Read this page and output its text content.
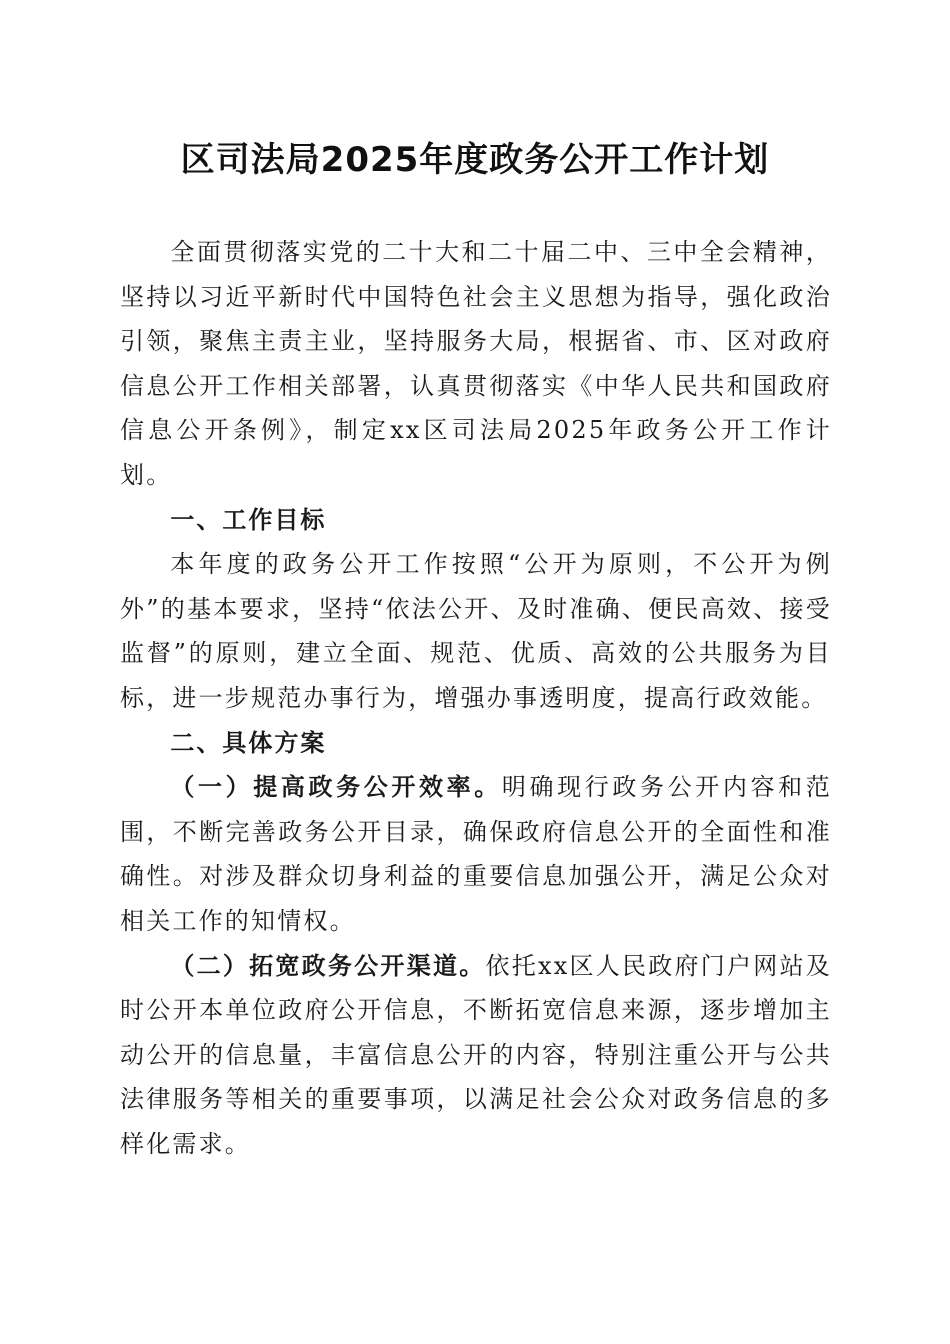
区司法局2025年度政务公开工作计划

全面贯彻落实党的二十大和二十届二中、三中全会精神，坚持以习近平新时代中国特色社会主义思想为指导，强化政治引领，聚焦主责主业，坚持服务大局，根据省、市、区对政府信息公开工作相关部署，认真贯彻落实《中华人民共和国政府信息公开条例》，制定xx区司法局2025年政务公开工作计划。

一、工作目标

本年度的政务公开工作按照“公开为原则，不公开为例外”的基本要求，坚持“依法公开、及时准确、便民高效、接受监督”的原则，建立全面、规范、优质、高效的公共服务为目标，进一步规范办事行为，增强办事透明度，提高行政效能。

二、具体方案

（一）提高政务公开效率。明确现行政务公开内容和范围，不断完善政务公开目录，确保政府信息公开的全面性和准确性。对涉及群众切身利益的重要信息加强公开，满足公众对相关工作的知情权。

（二）拓宽政务公开渠道。依托xx区人民政府门户网站及时公开本单位政府公开信息，不断拓宽信息来源，逐步增加主动公开的信息量，丰富信息公开的内容，特别注重公开与公共法律服务等相关的重要事项，以满足社会公众对政务信息的多样化需求。
